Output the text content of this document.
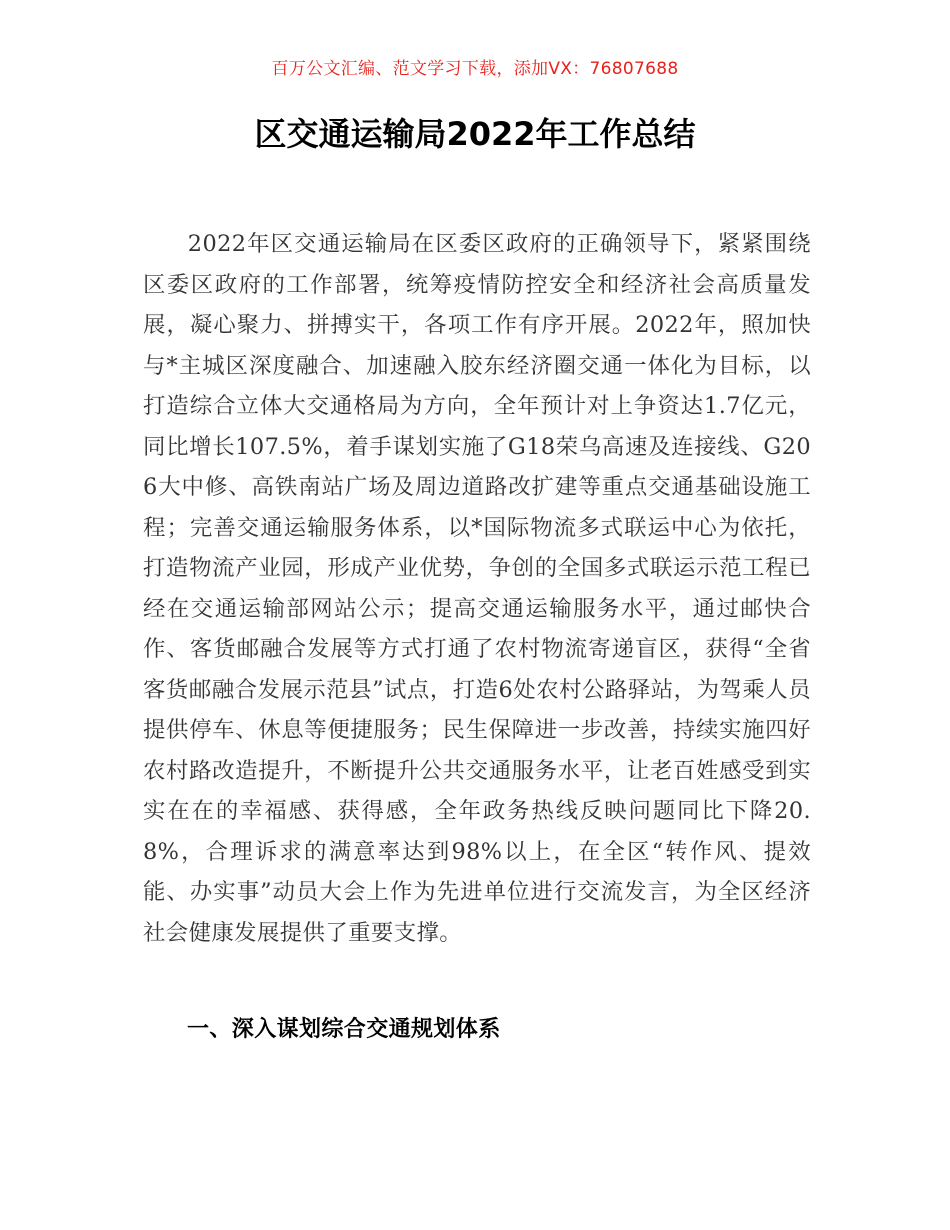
百万公文汇编、范文学习下载，添加VX：76807688
区交通运输局2022年工作总结

2022年区交通运输局在区委区政府的正确领导下，紧紧围绕区委区政府的工作部署，统筹疫情防控安全和经济社会高质量发展，凝心聚力、拼搏实干，各项工作有序开展。2022年，照加快与*主城区深度融合、加速融入胶东经济圈交通一体化为目标，以打造综合立体大交通格局为方向，全年预计对上争资达1.7亿元，同比增长107.5%，着手谋划实施了G18荣乌高速及连接线、G206大中修、高铁南站广场及周边道路改扩建等重点交通基础设施工程；完善交通运输服务体系，以*国际物流多式联运中心为依托，打造物流产业园，形成产业优势，争创的全国多式联运示范工程已经在交通运输部网站公示；提高交通运输服务水平，通过邮快合作、客货邮融合发展等方式打通了农村物流寄递盲区，获得“全省客货邮融合发展示范县”试点，打造6处农村公路驿站，为驾乘人员提供停车、休息等便捷服务；民生保障进一步改善，持续实施四好农村路改造提升，不断提升公共交通服务水平，让老百姓感受到实实在在的幸福感、获得感，全年政务热线反映问题同比下降20.8%，合理诉求的满意率达到98%以上，在全区“转作风、提效能、办实事”动员大会上作为先进单位进行交流发言，为全区经济社会健康发展提供了重要支撑。

一、深入谋划综合交通规划体系
